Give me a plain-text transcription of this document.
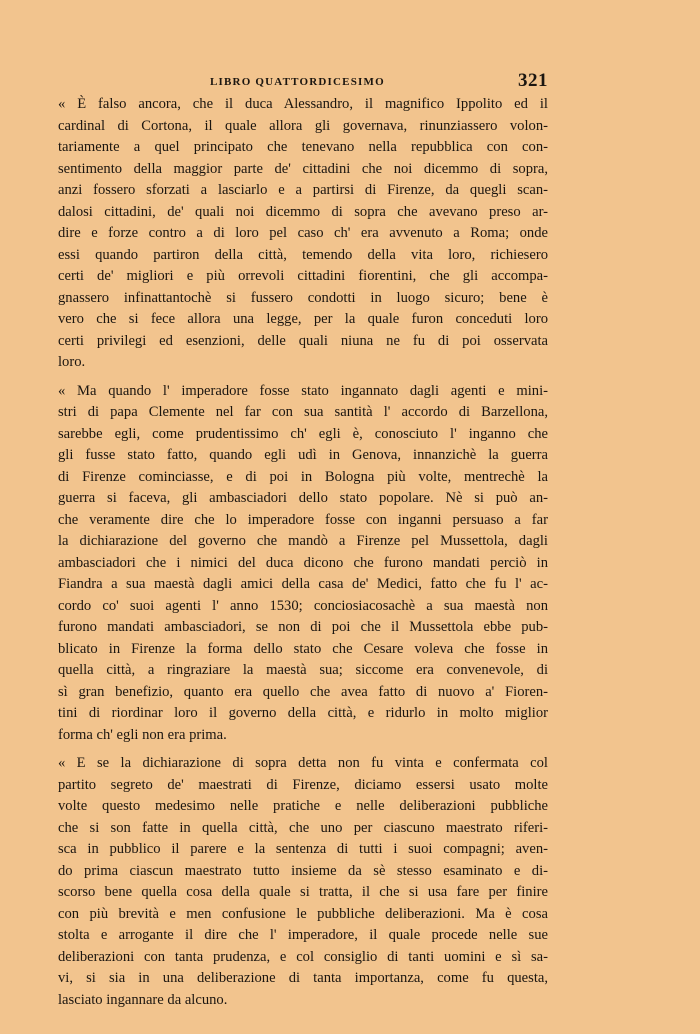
LIBRO QUATTORDICESIMO	321

« È falso ancora, che il duca Alessandro, il magnifico Ippolito ed il
cardinal di Cortona, il quale allora gli governava, rinunziassero volon-
tariamente a quel principato che tenevano nella repubblica con con-
sentimento della maggior parte de' cittadini che noi dicemmo di sopra,
anzi fossero sforzati a lasciarlo e a partirsi di Firenze, da quegli scan-
dalosi cittadini, de' quali noi dicemmo di sopra che avevano preso ar-
dire e forze contro a di loro pel caso ch' era avvenuto a Roma; onde
essi quando partiron della città, temendo della vita loro, richiesero
certi de' migliori e più orrevoli cittadini fiorentini, che gli accompa-
gnassero infinattantochè si fussero condotti in luogo sicuro; bene è
vero che si fece allora una legge, per la quale furon conceduti loro
certi privilegi ed esenzioni, delle quali niuna ne fu di poi osservata
loro.

« Ma quando l' imperadore fosse stato ingannato dagli agenti e mini-
stri di papa Clemente nel far con sua santità l' accordo di Barzellona,
sarebbe egli, come prudentissimo ch' egli è, conosciuto l' inganno che
gli fusse stato fatto, quando egli udì in Genova, innanzichè la guerra
di Firenze cominciasse, e di poi in Bologna più volte, mentrechè la
guerra si faceva, gli ambasciadori dello stato popolare. Nè si può an-
che veramente dire che lo imperadore fosse con inganni persuaso a far
la dichiarazione del governo che mandò a Firenze pel Mussettola, dagli
ambasciadori che i nimici del duca dicono che furono mandati perciò in
Fiandra a sua maestà dagli amici della casa de' Medici, fatto che fu l' ac-
cordo co' suoi agenti l' anno 1530; conciosiacosachè a sua maestà non
furono mandati ambasciadori, se non di poi che il Mussettola ebbe pub-
blicato in Firenze la forma dello stato che Cesare voleva che fosse in
quella città, a ringraziare la maestà sua; siccome era convenevole, di
sì gran benefizio, quanto era quello che avea fatto di nuovo a' Fioren-
tini di riordinar loro il governo della città, e ridurlo in molto miglior
forma ch' egli non era prima.

« E se la dichiarazione di sopra detta non fu vinta e confermata col
partito segreto de' maestrati di Firenze, diciamo essersi usato molte
volte questo medesimo nelle pratiche e nelle deliberazioni pubbliche
che si son fatte in quella città, che uno per ciascuno maestrato riferi-
sca in pubblico il parere e la sentenza di tutti i suoi compagni; aven-
do prima ciascun maestrato tutto insieme da sè stesso esaminato e di-
scorso bene quella cosa della quale si tratta, il che si usa fare per finire
con più brevità e men confusione le pubbliche deliberazioni. Ma è cosa
stolta e arrogante il dire che l' imperadore, il quale procede nelle sue
deliberazioni con tanta prudenza, e col consiglio di tanti uomini e sì sa-
vi, si sia in una deliberazione di tanta importanza, come fu questa,
lasciato ingannare da alcuno.
